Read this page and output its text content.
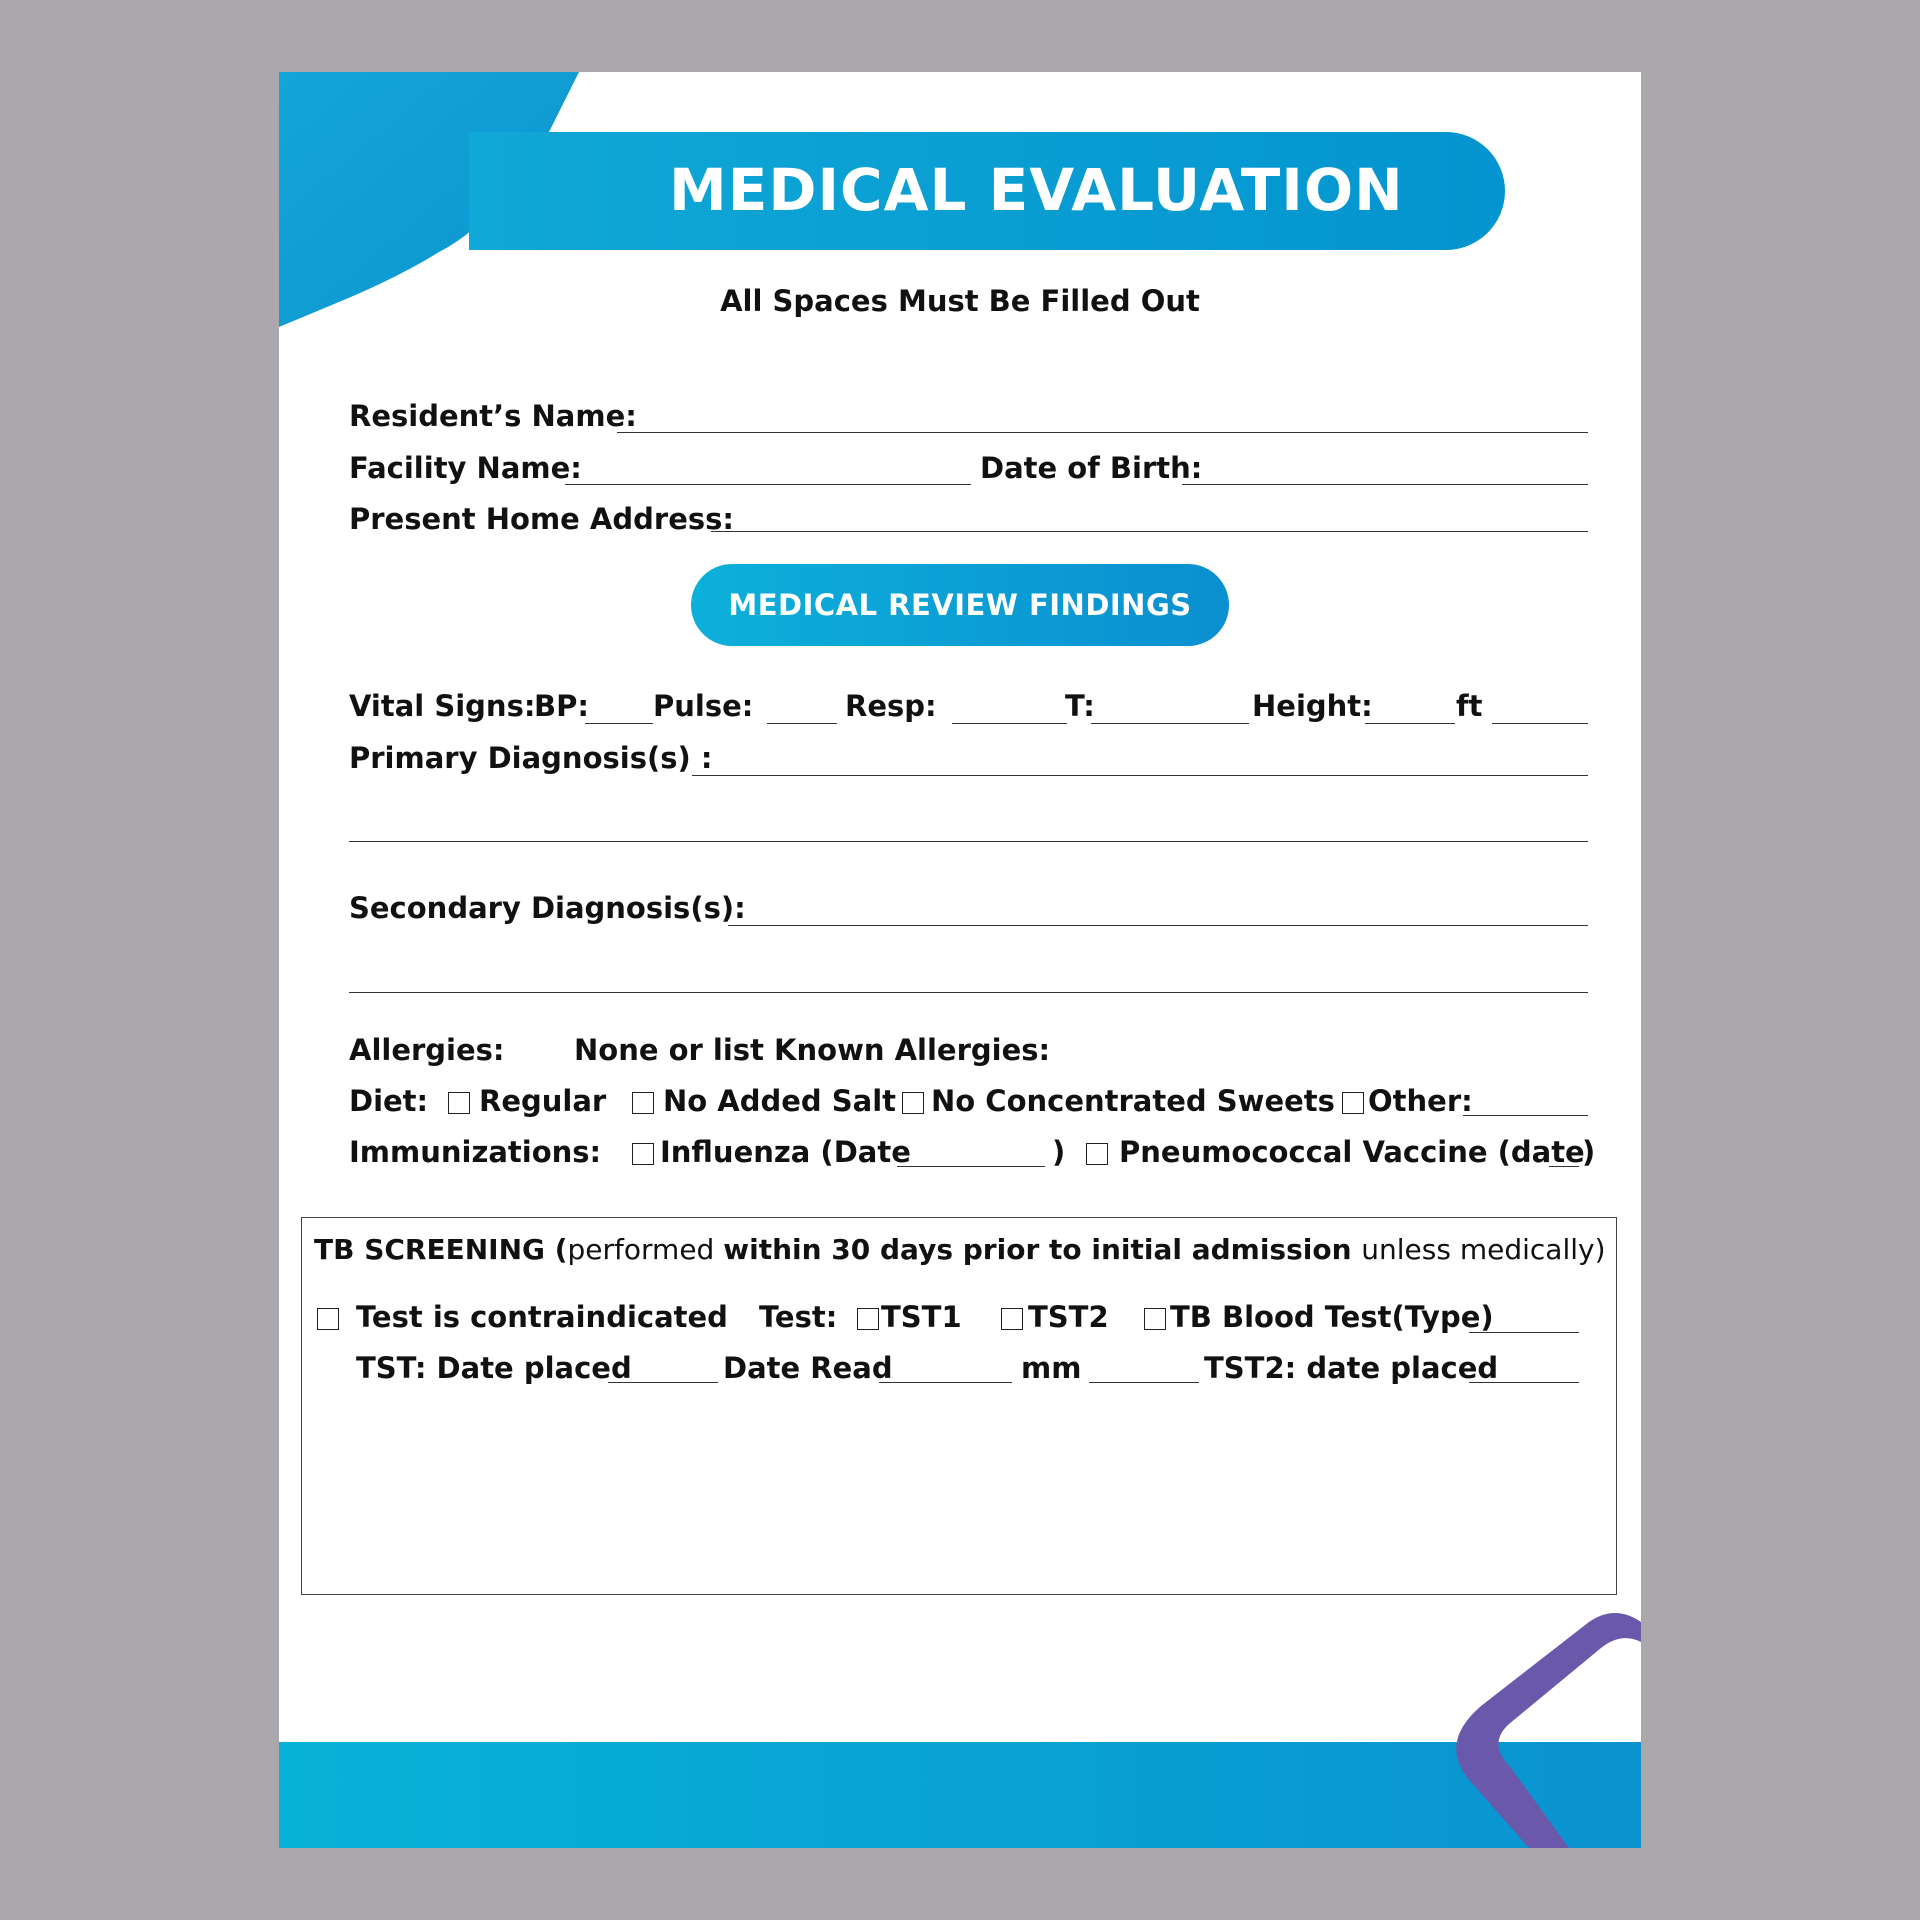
MEDICAL EVALUATION
All Spaces Must Be Filled Out
Resident’s Name:
Facility Name:	Date of Birth:
Present Home Address:
MEDICAL REVIEW FINDINGS
Vital Signs:
BP: Pulse:	Resp:	T:	Height:	ft
Primary Diagnosis(s) :
Secondary Diagnosis(s):
Allergies: None or list Known Allergies:
Diet: Regular No Added Salt No Concentrated Sweets Other:
Immunizations: Influenza (Date	) Pneumococcal Vaccine (date
)
TB SCREENING (performed within 30 days prior to initial admission unless medically)
Test is contraindicated Test: TST1 TST2 TB Blood Test(Type)
TST: Date placed	Date Read	mm	TST2: date placed
